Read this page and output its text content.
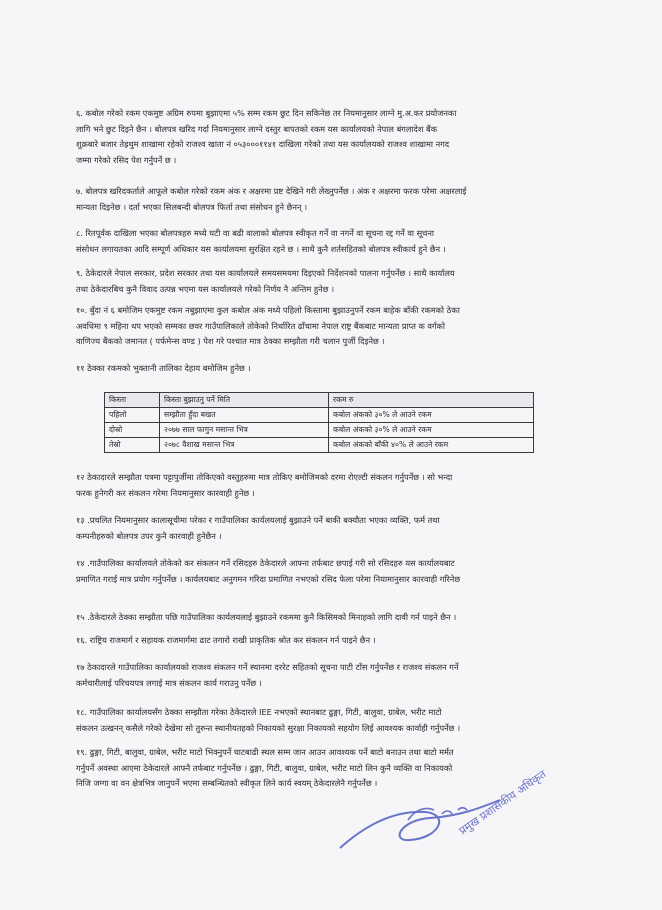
६. कबोल गरेको रकम एकमुष्ट अग्रिम रुपमा बुझाएमा ५% सम्म रकम छुट दिन सकिनेछ तर नियमानुसार लाग्ने मु.अ.कर प्रयोजनका
लागि भने छुट दिइने छैन । बोलपत्र खरिद गर्दा नियमानुसार लाग्ने दस्तुर बापतको रकम यस कार्यालयको नेपाल बंगलादेश बैंक
शुक्रबारे बजार तेह्रथुम शाखामा रहेको राजश्व खाता नं ०५३०००११४१ दाखिला गरेको तथा यस कार्यालयको राजश्व शाखामा नगद
जम्मा गरेको रसिद पेश गर्नुपर्ने छ ।
७. बोलपत्र खरिदकर्ताले आफूले कबोल गरेको रकम अंक र अक्षरमा प्रष्ट देखिने गरी लेख्नुपर्नेछ । अंक र अक्षरमा फरक परेमा अक्षरलाई
मान्यता दिइनेछ । दर्ता भएका सिलबन्दी बोलपत्र फिर्ता तथा संसोधन हुने छैनन् ।
८. रितपूर्वक दाखिला भएका बोलपत्रहरु मध्ये घटी वा बढी वालाको बोलपत्र स्वीकृत गर्ने वा नगर्ने वा सूचना रद्द गर्ने वा सूचना
संसोधन लगायतका आदि सम्पूर्ण अधिकार यस कार्यालयमा सुरक्षित रहने छ । साथै कुनै शर्तसहितको बोलपत्र स्वीकार्य हुने छैन ।
९. ठेकेदारले नेपाल सरकार, प्रदेश सरकार तथा यस कार्यालयले समयसमयमा दिइएको निर्देशनको पालना गर्नुपर्नेछ । साथै कार्यालय
तथा ठेकेदारबिच कुनै विवाद उत्पन्न भएमा यस कार्यालयले गरेको निर्णय नै अन्तिम हुनेछ ।
१०. बुँदा नं ६ बमोजिम एकमुष्ट रकम नबुझाएमा कुल कबोल अंक मध्ये पहिलो किस्तामा बुझाउनुपर्ने रकम बाहेक बाँकी रकमको ठेका
अवधिमा ९ महिना थप भएको सम्मका छवर गाउँपालिकाले तोकेको निर्धारित ढाँचामा नेपाल राष्ट्र बैंकबाट मान्यता प्राप्त क वर्गको
वाणिज्य बैंकको जमानत ( पर्फमेन्स वण्ड ) पेश गरे पश्चात मात्र ठेक्का सम्झौता गरी चलान पुर्जी दिइनेछ ।
११ ठेक्का रकमको भुक्तानी तालिका देहाय बमोजिम हुनेछ ।
किस्ता	किस्ता बुझाउनु पर्ने मिति	रकम रु
पहिलो	सम्झौता हुँदा बखत	कबोल अंकको ३०% ले आउने रकम
दोस्रो	२०७७ साल फागुन मसान्त भित्र	कबोल अंकको ३०% ले आउने रकम
तेस्रो	२०७८ वैशाख मसान्त भित्र	कबोल अंकको बाँकी ४०% ले आउने रकम
१२ ठेकादारले सम्झौता पत्रमा पट्टापुर्जीमा तोकिएको वस्तुहरुमा मात्र तोकिए बमोजिमको दरमा रोएल्टी संकलन गर्नुपर्नेछ । सो भन्दा
फरक हुनेगरी कर संकलन गरेमा नियमानुसार कारवाही हुनेछ ।
१३ .प्रचलित नियमानुसार कालासूचीमा परेका र गाउँपालिका कार्यलयलाई बुझाउने पर्ने बाकी बक्यौता भएका व्यक्ति, फर्म तथा
कम्पनीहरुको बोलपत्र उपर कुनै कारवाही हुनेछैन ।
१४ .गाउँपालिका कार्यालयले तोकेको कर संकलन गर्ने रसिदहरु ठेकेदारले आफ्ना तर्फबाट छपाई गरी सो रसिदहरु यस कार्यालयबाट
प्रमाणित गराई मात्र प्रयोग गर्नुपर्नेछ । कार्यलयबाट अनुगमन गरिदा प्रमाणित नभएको रसिद फेला परेमा नियामानुसार कारवाही गरिनेछ
१५ .ठेकेदारले ठेक्का सम्झौता पछि गाउँपालिका कार्यलयलाई बुझाउने रकममा कुनै किसिमको मिनाहको लागि दावी गर्न पाइने छैन ।
१६. राष्ट्रिय राजमार्ग र सहायक राजमार्गमा ढाट तगारो राखी प्राकृतिक श्रोत कर संकलन गर्न पाइने छैन ।
१७ ठेकादारले गाउँपालिका कार्यालयको राजश्व संकलन गर्ने स्थानमा दररेट सहितको सूचना पाटी टाँस गर्नुपर्नेछ र राजश्व संकलन गर्ने
कर्मचारीलाई परिचयपत्र लगाई मात्र संकलन कार्य गराउनु पर्नेछ ।
१८. गाउँपालिका कार्यालयसँग ठेक्का सम्झौता गरेका ठेकेदारले IEE नभएको स्थानबाट ढुङ्गा, गिटी, बालुवा, ग्राबेल, भरीट माटो
संकलन उत्खनन् कसैले गरेको देखेमा सो तुरुन्त स्थानीयतहको निकायको सुरक्षा निकायको सहयोग लिई आवश्यक कार्वाही गर्नुपर्नेछ ।
१९. ढुङ्गा, गिटी, बालुवा, ग्राबेल, भरीट माटो भिक्नुपर्ने घाटबाढी स्थल सम्म जान आउन आवश्यक पर्ने बाटो बनाउन तथा बाटो मर्मत
गर्नुपर्ने अवस्था आएमा ठेकेदारले आफ्नै तर्फबाट गर्नुपर्नेछ । ढुङ्गा, गिटी, बालुवा, ग्राबेल, भरीट माटो लिन कुनै व्यक्ति वा निकायको
निजि जग्गा वा वन क्षेत्रभित्र जानुपर्ने भएमा सम्बन्धितको स्वीकृत लिने कार्य स्वयम् ठेकेदारलेनै गर्नुपर्नेछ ।	प्रमुख प्रशासकीय अधिकृत
